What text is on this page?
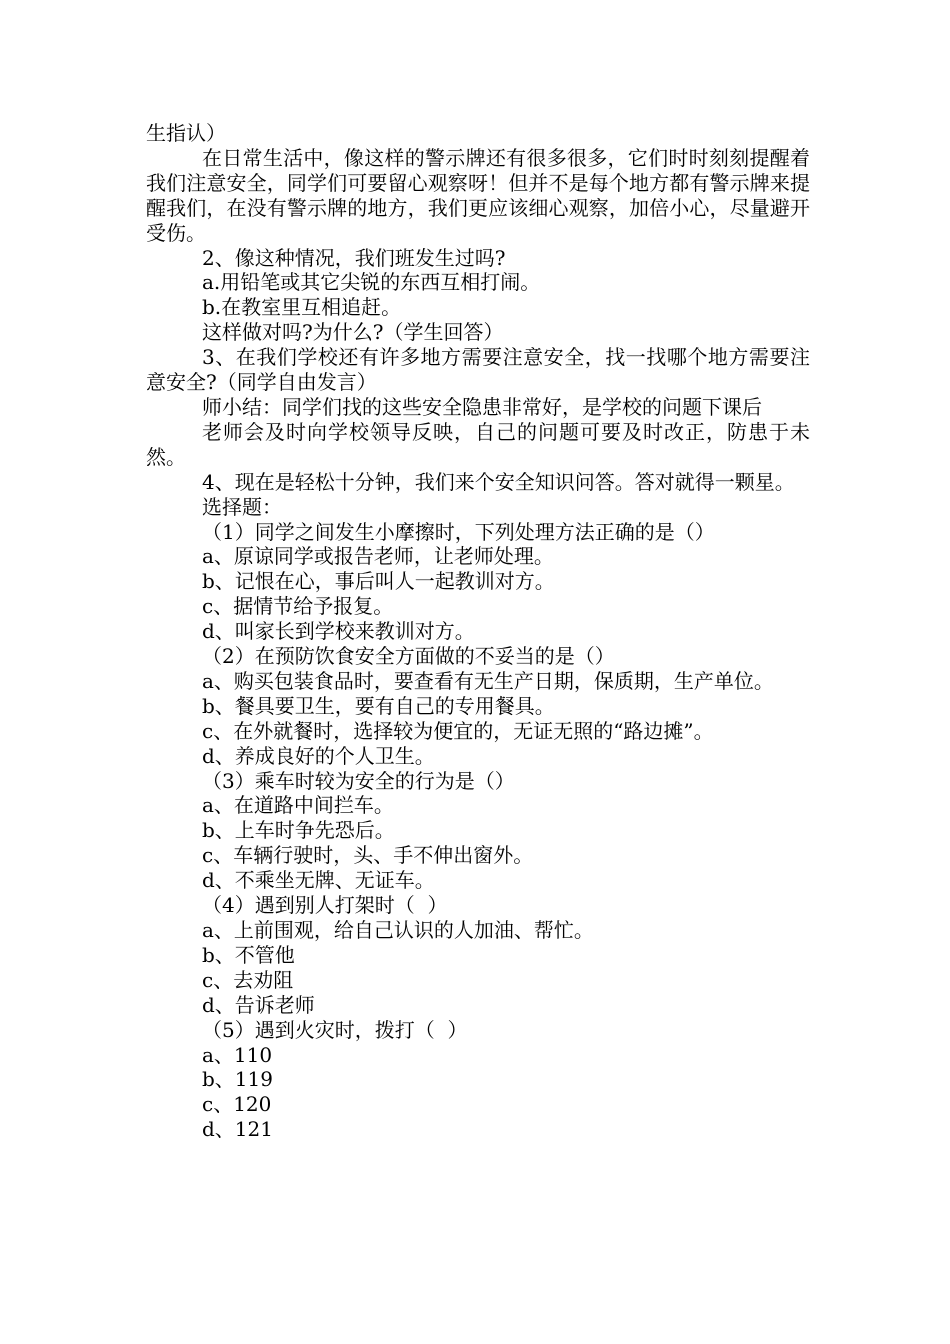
生指认）

在日常生活中，像这样的警示牌还有很多很多，它们时时刻刻提醒着我们注意安全，同学们可要留心观察呀！但并不是每个地方都有警示牌来提醒我们，在没有警示牌的地方，我们更应该细心观察，加倍小心，尽量避开受伤。

2、像这种情况，我们班发生过吗?

a.用铅笔或其它尖锐的东西互相打闹。

b.在教室里互相追赶。

这样做对吗?为什么?（学生回答）

3、在我们学校还有许多地方需要注意安全，找一找哪个地方需要注意安全?（同学自由发言）

师小结：同学们找的这些安全隐患非常好，是学校的问题下课后

老师会及时向学校领导反映，自己的问题可要及时改正，防患于未然。

4、现在是轻松十分钟，我们来个安全知识问答。答对就得一颗星。

选择题：

（1）同学之间发生小摩擦时，下列处理方法正确的是（）

a、原谅同学或报告老师，让老师处理。

b、记恨在心，事后叫人一起教训对方。

c、据情节给予报复。

d、叫家长到学校来教训对方。

（2）在预防饮食安全方面做的不妥当的是（）

a、购买包装食品时，要查看有无生产日期，保质期，生产单位。

b、餐具要卫生，要有自己的专用餐具。

c、在外就餐时，选择较为便宜的，无证无照的“路边摊”。

d、养成良好的个人卫生。

（3）乘车时较为安全的行为是（）

a、在道路中间拦车。

b、上车时争先恐后。

c、车辆行驶时，头、手不伸出窗外。

d、不乘坐无牌、无证车。

（4）遇到别人打架时（  ）

a、上前围观，给自己认识的人加油、帮忙。

b、不管他

c、去劝阻

d、告诉老师

（5）遇到火灾时，拨打（  ）

a、110

b、119

c、120

d、121
